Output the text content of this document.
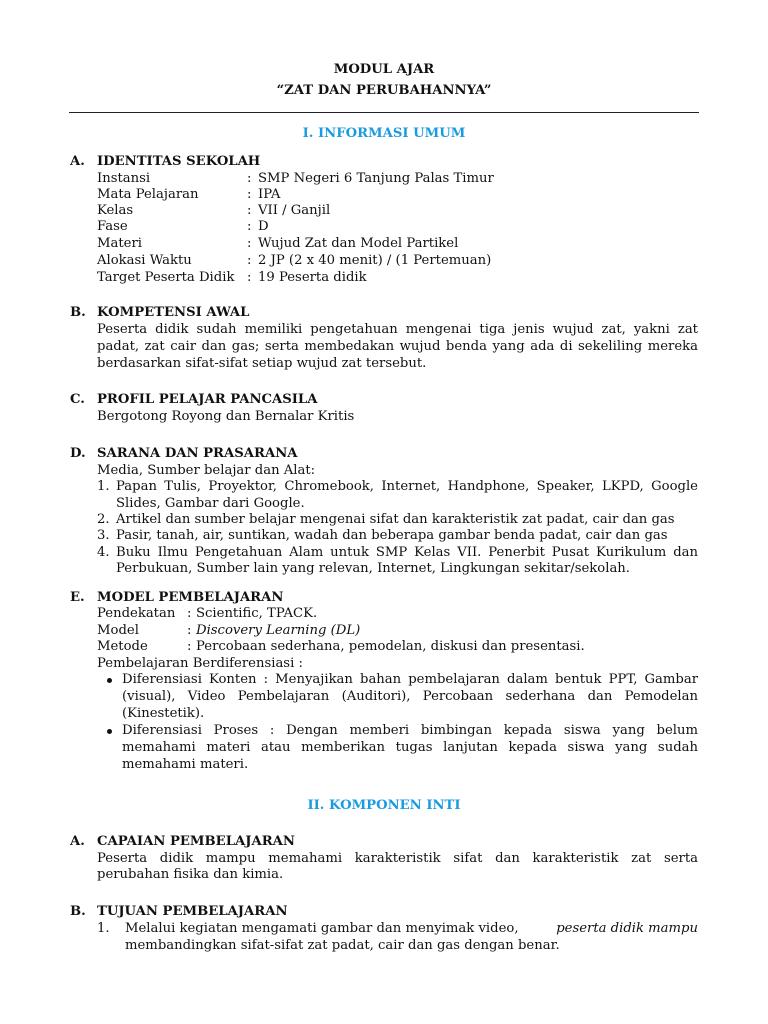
MODUL AJAR
“ZAT DAN PERUBAHANNYA”
I. INFORMASI UMUM
A. IDENTITAS SEKOLAH
Instansi	: SMP Negeri 6 Tanjung Palas Timur
Mata Pelajaran	: IPA
Kelas	: VII / Ganjil
Fase	: D
Materi	: Wujud Zat dan Model Partikel
Alokasi Waktu	: 2 JP (2 x 40 menit) / (1 Pertemuan)
Target Peserta Didik : 19 Peserta didik
B. KOMPETENSI AWAL
Peserta didik sudah memiliki pengetahuan mengenai tiga jenis wujud zat, yakni zat
padat, zat cair dan gas; serta membedakan wujud benda yang ada di sekeliling mereka
berdasarkan sifat-sifat setiap wujud zat tersebut.
C. PROFIL PELAJAR PANCASILA
Bergotong Royong dan Bernalar Kritis
D. SARANA DAN PRASARANA
Media, Sumber belajar dan Alat:
1. Papan Tulis, Proyektor, Chromebook, Internet, Handphone, Speaker, LKPD, Google
Slides, Gambar dari Google.
2. Artikel dan sumber belajar mengenai sifat dan karakteristik zat padat, cair dan gas
3. Pasir, tanah, air, suntikan, wadah dan beberapa gambar benda padat, cair dan gas
4. Buku Ilmu Pengetahuan Alam untuk SMP Kelas VII. Penerbit Pusat Kurikulum dan
Perbukuan, Sumber lain yang relevan, Internet, Lingkungan sekitar/sekolah.
E. MODEL PEMBELAJARAN
Pendekatan : Scientific, TPACK.
Model	: Discovery Learning (DL)
Metode	: Percobaan sederhana, pemodelan, diskusi dan presentasi.
Pembelajaran Berdiferensiasi :
Diferensiasi Konten : Menyajikan bahan pembelajaran dalam bentuk PPT, Gambar
(visual), Video Pembelajaran (Auditori), Percobaan sederhana dan Pemodelan
(Kinestetik).
Diferensiasi Proses : Dengan memberi bimbingan kepada siswa yang belum
memahami materi atau memberikan tugas lanjutan kepada siswa yang sudah
memahami materi.
II. KOMPONEN INTI
A. CAPAIAN PEMBELAJARAN
Peserta didik mampu memahami karakteristik sifat dan karakteristik zat serta
perubahan fisika dan kimia.
B. TUJUAN PEMBELAJARAN
1. Melalui kegiatan mengamati gambar dan menyimak video,	peserta didik mampu
membandingkan sifat-sifat zat padat, cair dan gas dengan benar.
